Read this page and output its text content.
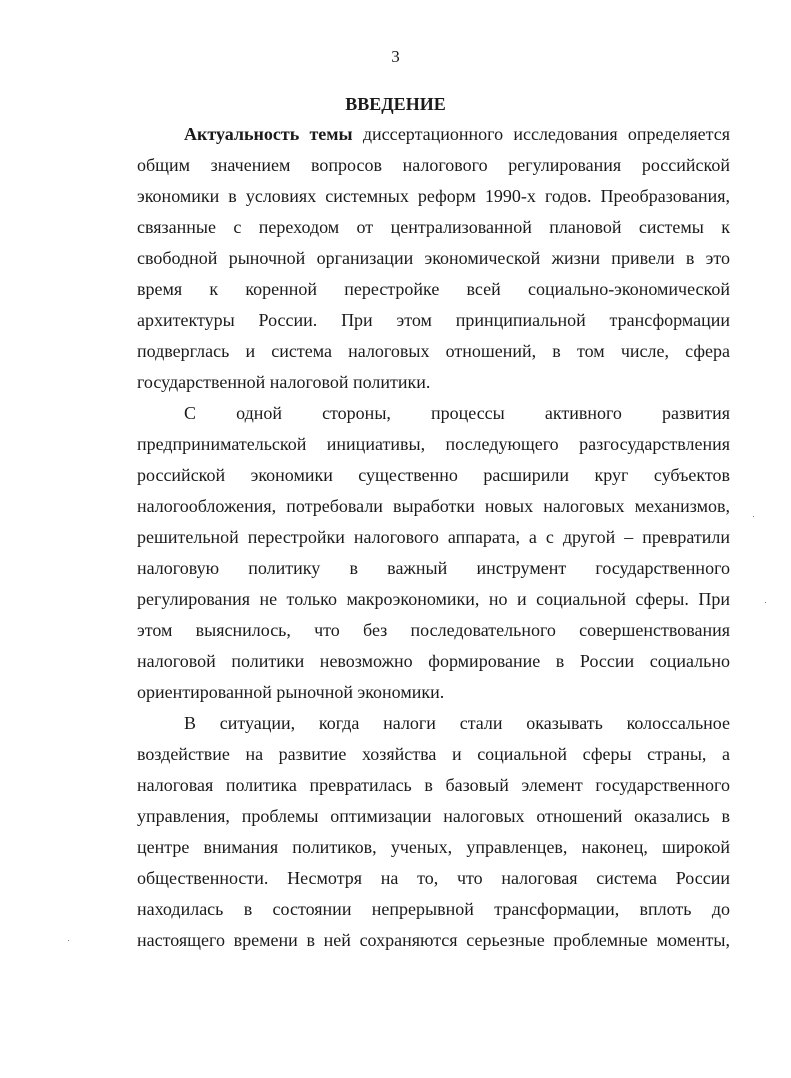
3
ВВЕДЕНИЕ
Актуальность темы диссертационного исследования определяется
общим значением вопросов налогового регулирования российской
экономики в условиях системных реформ 1990-х годов. Преобразования,
связанные с переходом от централизованной плановой системы к
свободной рыночной организации экономической жизни привели в это
время к коренной перестройке всей социально-экономической
архитектуры России. При этом принципиальной трансформации
подверглась и система налоговых отношений, в том числе, сфера
государственной налоговой политики.
С одной стороны, процессы активного развития
предпринимательской инициативы, последующего разгосударствления
российской экономики существенно расширили круг субъектов
налогообложения, потребовали выработки новых налоговых механизмов,
решительной перестройки налогового аппарата, а с другой – превратили
налоговую политику в важный инструмент государственного
регулирования не только макроэкономики, но и социальной сферы. При
этом выяснилось, что без последовательного совершенствования
налоговой политики невозможно формирование в России социально
ориентированной рыночной экономики.
В ситуации, когда налоги стали оказывать колоссальное
воздействие на развитие хозяйства и социальной сферы страны, а
налоговая политика превратилась в базовый элемент государственного
управления, проблемы оптимизации налоговых отношений оказались в
центре внимания политиков, ученых, управленцев, наконец, широкой
общественности. Несмотря на то, что налоговая система России
находилась в состоянии непрерывной трансформации, вплоть до
настоящего времени в ней сохраняются серьезные проблемные моменты,
